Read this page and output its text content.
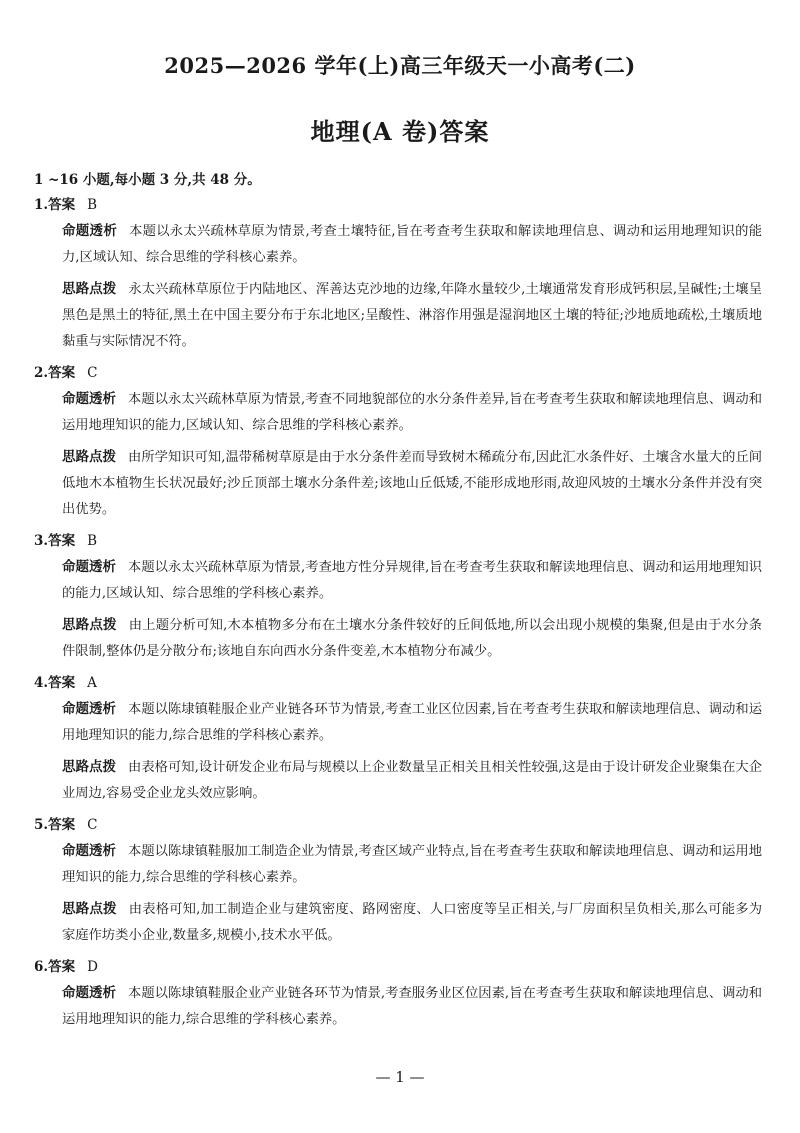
2025—2026 学年(上)高三年级天一小高考(二)
地理(A 卷)答案
1 ~16 小题,每小题 3 分,共 48 分。
1.答案 B
命题透析 本题以永太兴疏林草原为情景,考查土壤特征,旨在考查考生获取和解读地理信息、调动和运用地理知识的能力,区域认知、综合思维的学科核心素养。
思路点拨 永太兴疏林草原位于内陆地区、浑善达克沙地的边缘,年降水量较少,土壤通常发育形成钙积层,呈碱性;土壤呈黑色是黑土的特征,黑土在中国主要分布于东北地区;呈酸性、淋溶作用强是湿润地区土壤的特征;沙地质地疏松,土壤质地黏重与实际情况不符。
2.答案 C
命题透析 本题以永太兴疏林草原为情景,考查不同地貌部位的水分条件差异,旨在考查考生获取和解读地理信息、调动和运用地理知识的能力,区域认知、综合思维的学科核心素养。
思路点拨 由所学知识可知,温带稀树草原是由于水分条件差而导致树木稀疏分布,因此汇水条件好、土壤含水量大的丘间低地木本植物生长状况最好;沙丘顶部土壤水分条件差;该地山丘低矮,不能形成地形雨,故迎风坡的土壤水分条件并没有突出优势。
3.答案 B
命题透析 本题以永太兴疏林草原为情景,考查地方性分异规律,旨在考查考生获取和解读地理信息、调动和运用地理知识的能力,区域认知、综合思维的学科核心素养。
思路点拨 由上题分析可知,木本植物多分布在土壤水分条件较好的丘间低地,所以会出现小规模的集聚,但是由于水分条件限制,整体仍是分散分布;该地自东向西水分条件变差,木本植物分布减少。
4.答案 A
命题透析 本题以陈埭镇鞋服企业产业链各环节为情景,考查工业区位因素,旨在考查考生获取和解读地理信息、调动和运用地理知识的能力,综合思维的学科核心素养。
思路点拨 由表格可知,设计研发企业布局与规模以上企业数量呈正相关且相关性较强,这是由于设计研发企业聚集在大企业周边,容易受企业龙头效应影响。
5.答案 C
命题透析 本题以陈埭镇鞋服加工制造企业为情景,考查区域产业特点,旨在考查考生获取和解读地理信息、调动和运用地理知识的能力,综合思维的学科核心素养。
思路点拨 由表格可知,加工制造企业与建筑密度、路网密度、人口密度等呈正相关,与厂房面积呈负相关,那么可能多为家庭作坊类小企业,数量多,规模小,技术水平低。
6.答案 D
命题透析 本题以陈埭镇鞋服企业产业链各环节为情景,考查服务业区位因素,旨在考查考生获取和解读地理信息、调动和运用地理知识的能力,综合思维的学科核心素养。
— 1 —
